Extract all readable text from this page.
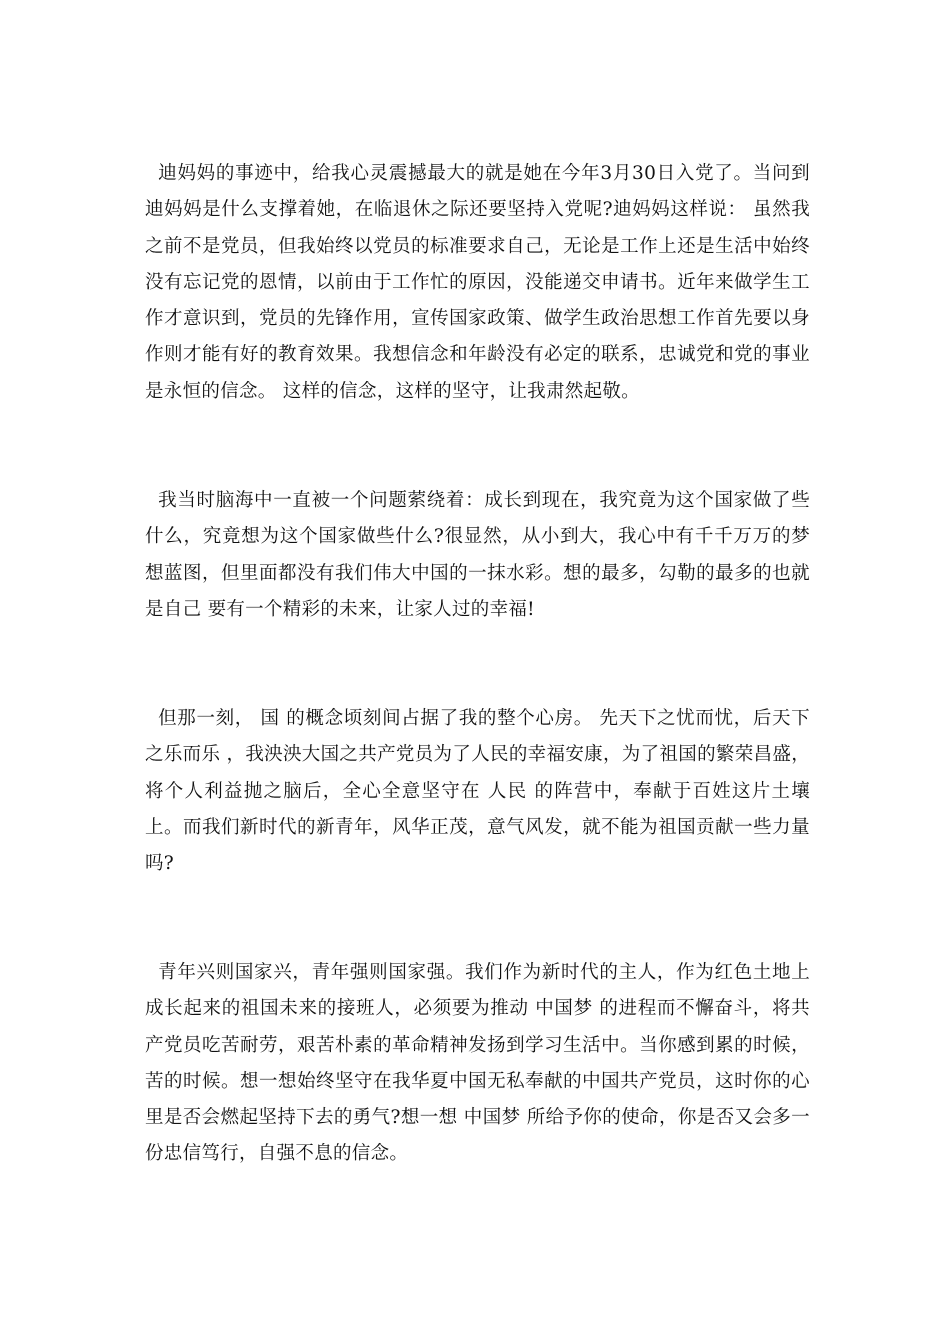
迪妈妈的事迹中，给我心灵震撼最大的就是她在今年3月30日入党了。当问到迪妈妈是什么支撑着她，在临退休之际还要坚持入党呢?迪妈妈这样说： 虽然我之前不是党员，但我始终以党员的标准要求自己，无论是工作上还是生活中始终没有忘记党的恩情，以前由于工作忙的原因，没能递交申请书。近年来做学生工作才意识到，党员的先锋作用，宣传国家政策、做学生政治思想工作首先要以身作则才能有好的教育效果。我想信念和年龄没有必定的联系，忠诚党和党的事业是永恒的信念。 这样的信念，这样的坚守，让我肃然起敬。

我当时脑海中一直被一个问题萦绕着：成长到现在，我究竟为这个国家做了些什么，究竟想为这个国家做些什么?很显然，从小到大，我心中有千千万万的梦想蓝图，但里面都没有我们伟大中国的一抹水彩。想的最多，勾勒的最多的也就是自己 要有一个精彩的未来，让家人过的幸福!

但那一刻， 国 的概念顷刻间占据了我的整个心房。 先天下之忧而忧，后天下之乐而乐 ，我泱泱大国之共产党员为了人民的幸福安康，为了祖国的繁荣昌盛，将个人利益抛之脑后，全心全意坚守在 人民 的阵营中，奉献于百姓这片土壤上。而我们新时代的新青年，风华正茂，意气风发，就不能为祖国贡献一些力量吗?

青年兴则国家兴，青年强则国家强。我们作为新时代的主人，作为红色土地上成长起来的祖国未来的接班人，必须要为推动 中国梦 的进程而不懈奋斗，将共产党员吃苦耐劳，艰苦朴素的革命精神发扬到学习生活中。当你感到累的时候，苦的时候。想一想始终坚守在我华夏中国无私奉献的中国共产党员，这时你的心里是否会燃起坚持下去的勇气?想一想 中国梦 所给予你的使命，你是否又会多一份忠信笃行，自强不息的信念。
